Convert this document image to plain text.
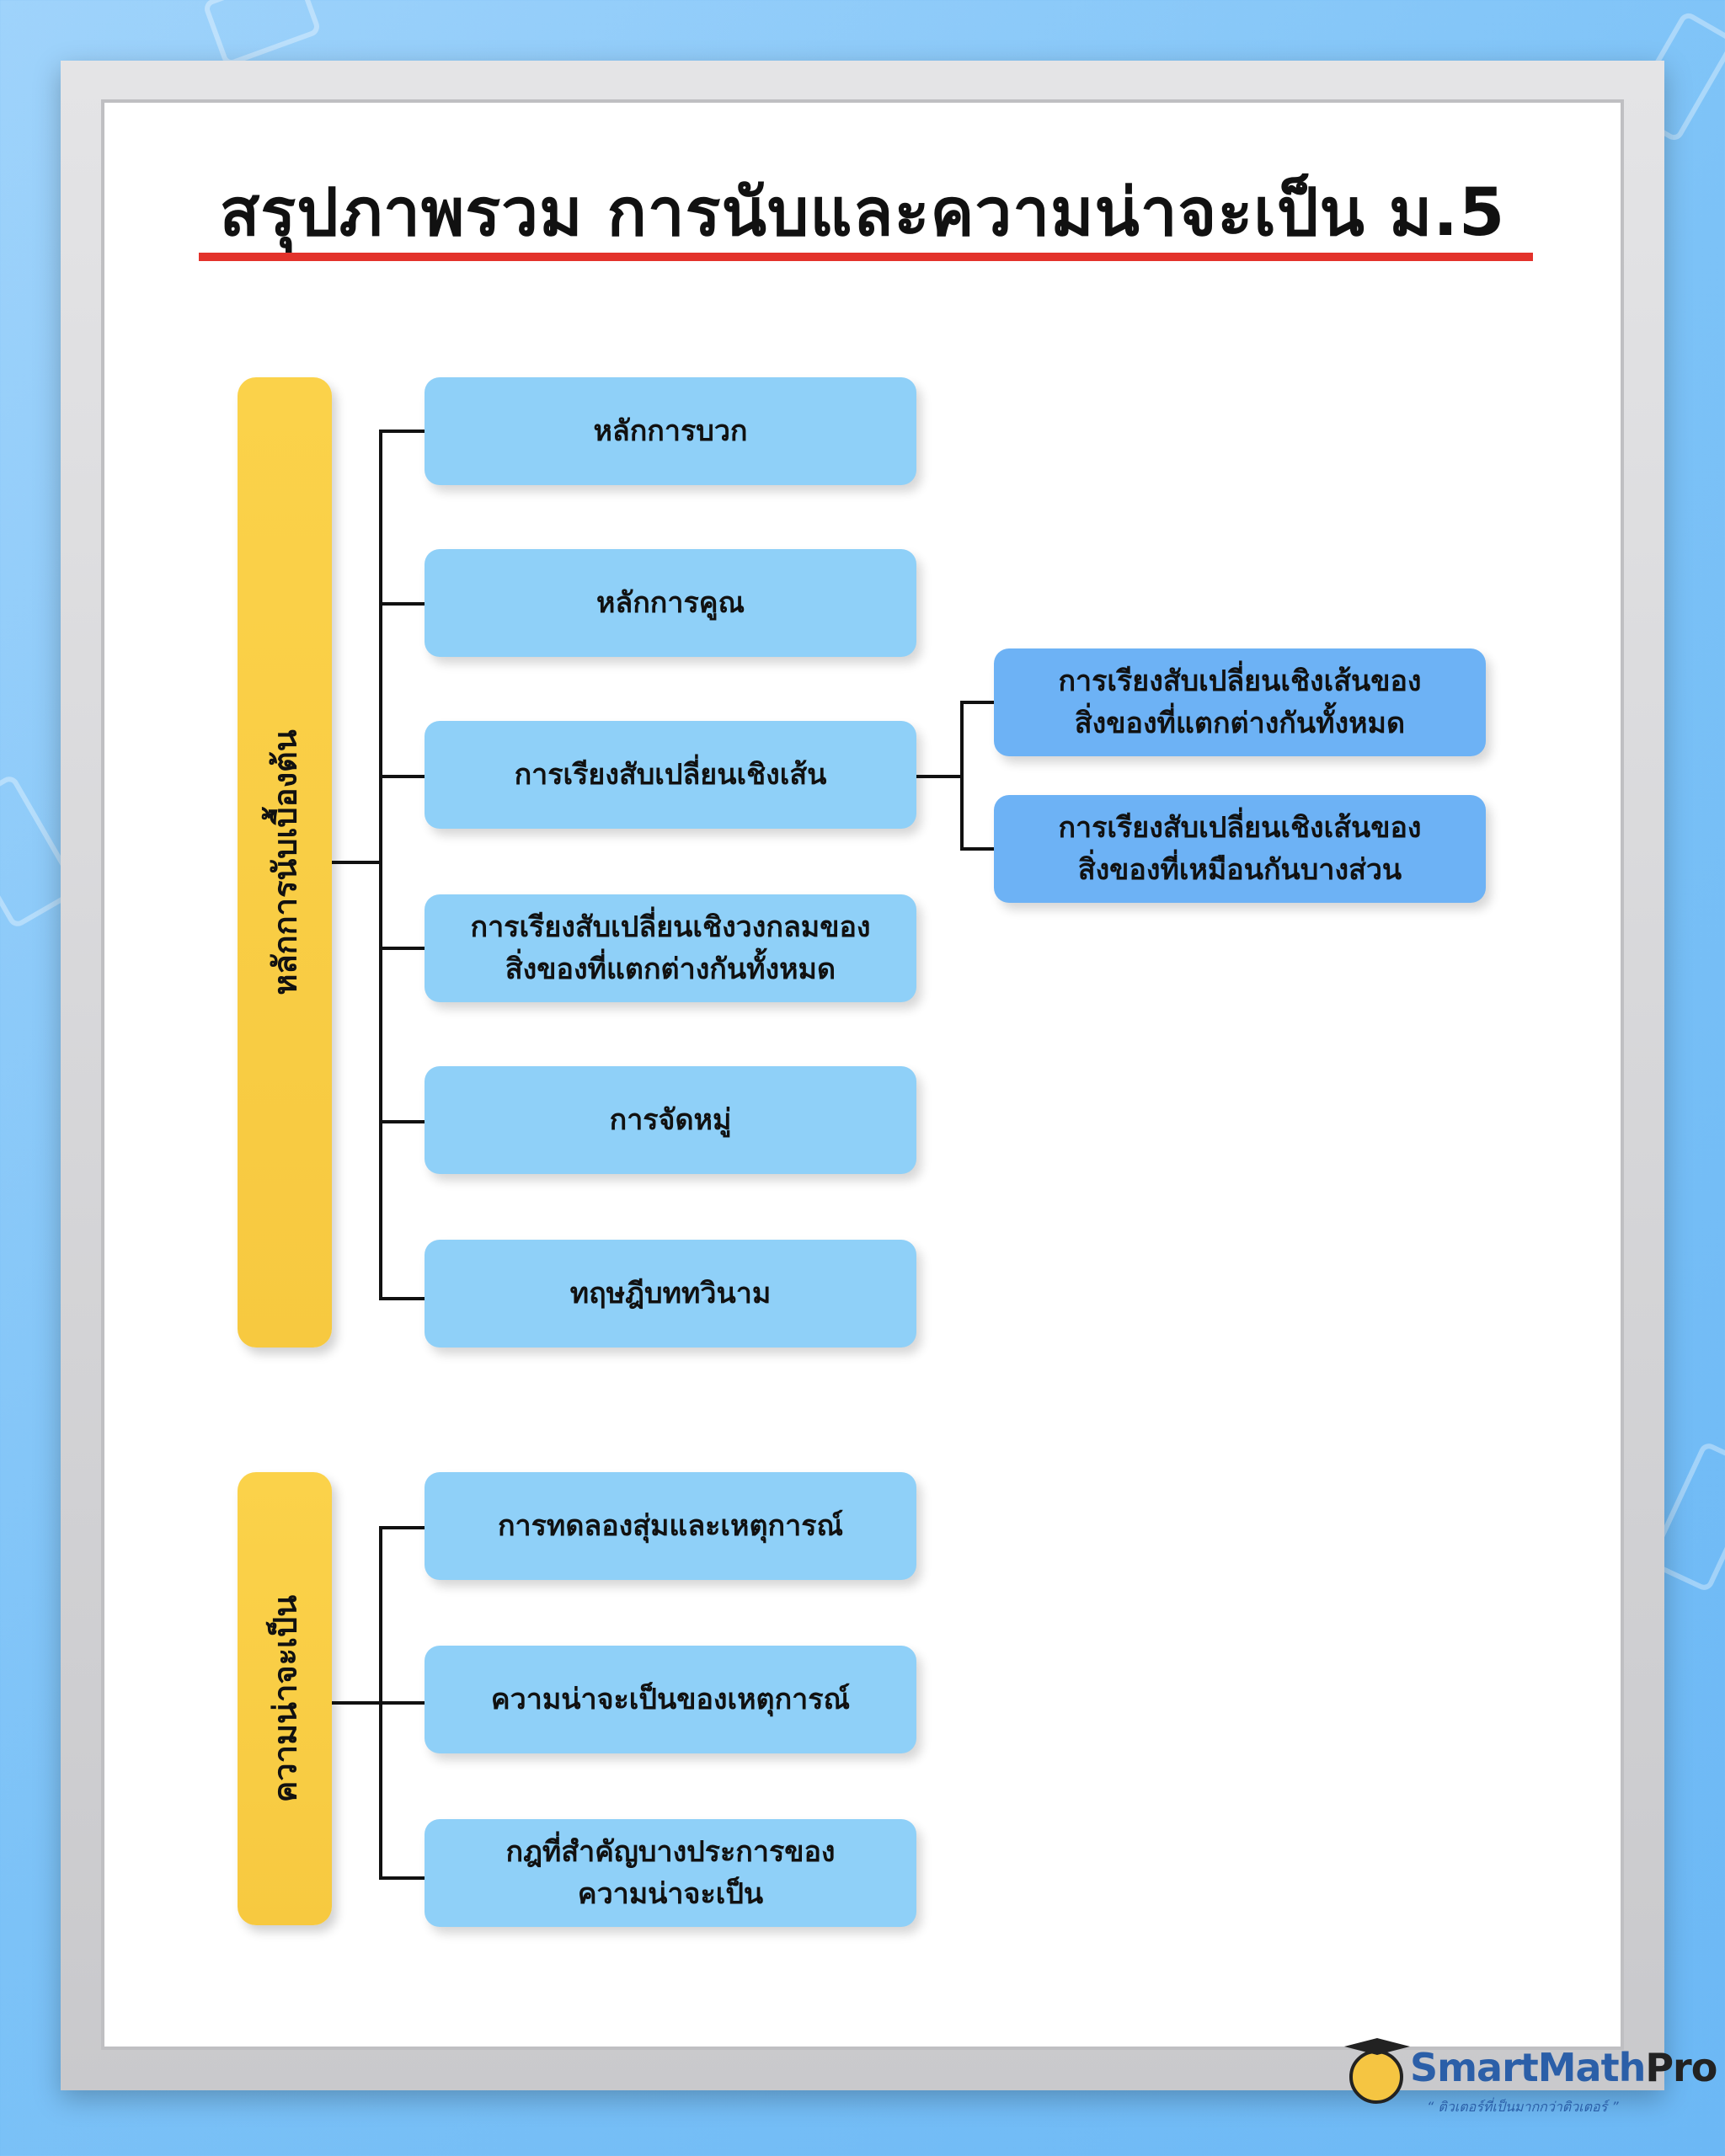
สรุปภาพรวม การนับและความน่าจะเป็น ม.5
หลักการนับเบื้องต้น
หลักการบวก
หลักการคูณ
การเรียงสับเปลี่ยนเชิงเส้น
การเรียงสับเปลี่ยนเชิงวงกลมของ
สิ่งของที่แตกต่างกันทั้งหมด
การจัดหมู่
ทฤษฎีบททวินาม
การเรียงสับเปลี่ยนเชิงเส้นของ
สิ่งของที่แตกต่างกันทั้งหมด
การเรียงสับเปลี่ยนเชิงเส้นของ
สิ่งของที่เหมือนกันบางส่วน
ความน่าจะเป็น
การทดลองสุ่มและเหตุการณ์
ความน่าจะเป็นของเหตุการณ์
กฎที่สำคัญบางประการของ
ความน่าจะเป็น
SmartMathPro
“ ติวเตอร์ที่เป็นมากกว่าติวเตอร์ ”
